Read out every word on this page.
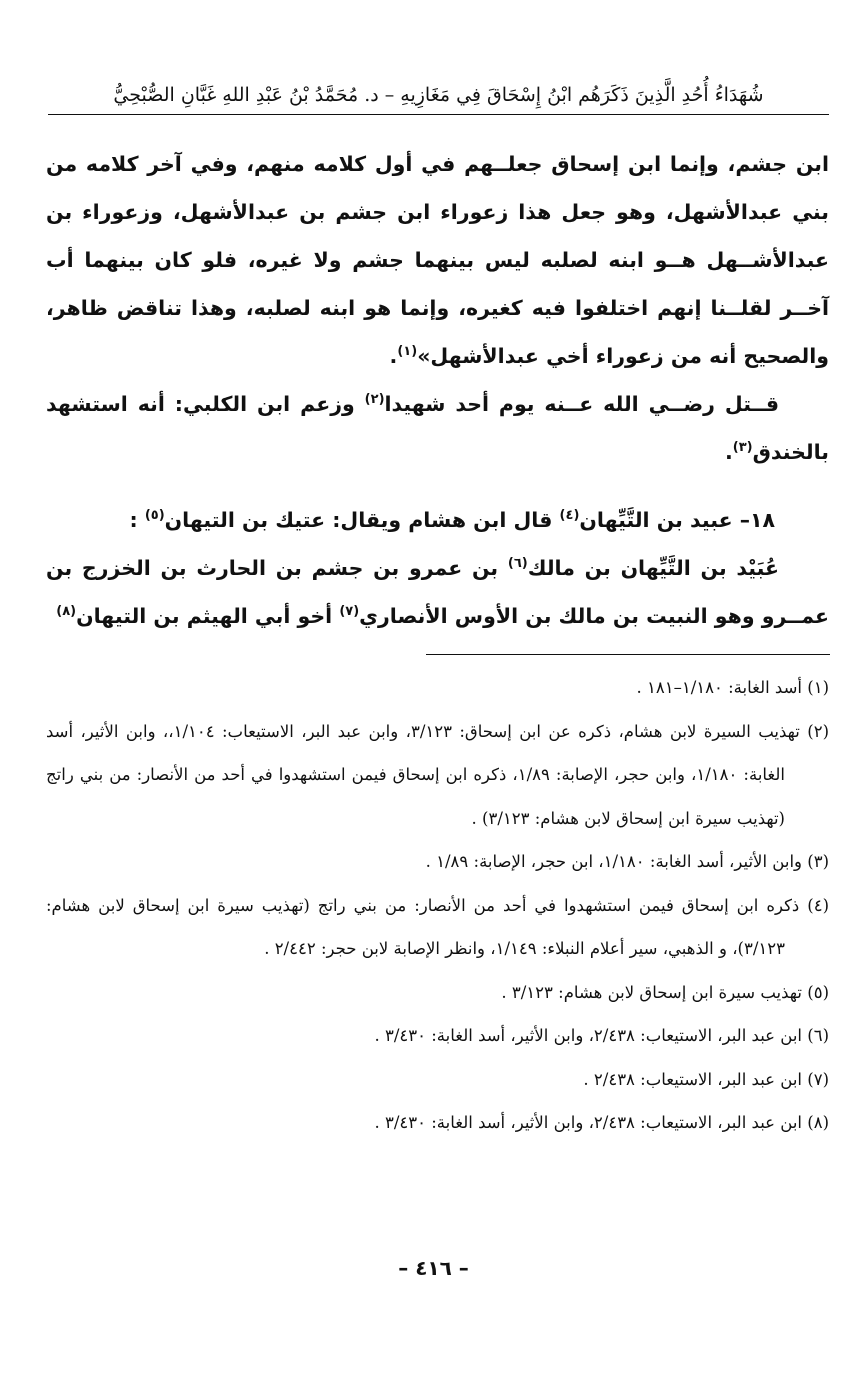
شُهَدَاءُ أُحُدِ الَّذِينَ ذَكَرَهُم ابْنُ إِسْحَاقَ فِي مَغَازِيهِ – د. مُحَمَّدُ بْنُ عَبْدِ اللهِ غَبَّانِ الصُّبْحِيُّ

ابن جشم، وإنما ابن إسحاق جعلــهم في أول كلامه منهم، وفي آخر كلامه من بني عبدالأشهل، وهو جعل هذا زعوراء ابن جشم بن عبدالأشهل، وزعوراء بن عبدالأشــهل هــو ابنه لصلبه ليس بينهما جشم ولا غيره، فلو كان بينهما أب آخــر لقلــنا إنهم اختلفوا فيه كغيره، وإنما هو ابنه لصلبه، وهذا تناقض ظاهر، والصحيح أنه من زعوراء أخي عبدالأشهل»$^{(١)}$.

قــتل رضــي الله عــنه يوم أحد شهيدا$^{(٢)}$ وزعم ابن الكلبي: أنه استشهد بالخندق$^{(٣)}$.

١٨– عبيد بن التَّيِّهان$^{(٤)}$ قال ابن هشام ويقال: عتيك بن التيهان$^{(٥)}$ :

عُبَيْد بن التَّيِّهان بن مالك$^{(٦)}$ بن عمرو بن جشم بن الحارث بن الخزرج بن عمــرو وهو النبيت بن مالك بن الأوس الأنصاري$^{(٧)}$ أخو أبي الهيثم بن التيهان$^{(٨)}$

(١) أسد الغابة: ١/١٨٠–١٨١ .

(٢) تهذيب السيرة لابن هشام، ذكره عن ابن إسحاق: ٣/١٢٣، وابن عبد البر، الاستيعاب: ١/١٠٤،، وابن الأثير، أسد الغابة: ١/١٨٠، وابن حجر، الإصابة: ١/٨٩، ذكره ابن إسحاق فيمن استشهدوا في أحد من الأنصار: من بني راتج (تهذيب سيرة ابن إسحاق لابن هشام: ٣/١٢٣) .

(٣) وابن الأثير، أسد الغابة: ١/١٨٠، ابن حجر، الإصابة: ١/٨٩ .

(٤) ذكره ابن إسحاق فيمن استشهدوا في أحد من الأنصار: من بني راتج (تهذيب سيرة ابن إسحاق لابن هشام: ٣/١٢٣)، و الذهبي، سير أعلام النبلاء: ١/١٤٩، وانظر الإصابة لابن حجر: ٢/٤٤٢ .

(٥) تهذيب سيرة ابن إسحاق لابن هشام: ٣/١٢٣ .

(٦) ابن عبد البر، الاستيعاب: ٢/٤٣٨، وابن الأثير، أسد الغابة: ٣/٤٣٠ .

(٧) ابن عبد البر، الاستيعاب: ٢/٤٣٨ .

(٨) ابن عبد البر، الاستيعاب: ٢/٤٣٨، وابن الأثير، أسد الغابة: ٣/٤٣٠ .

– ٤١٦ –
